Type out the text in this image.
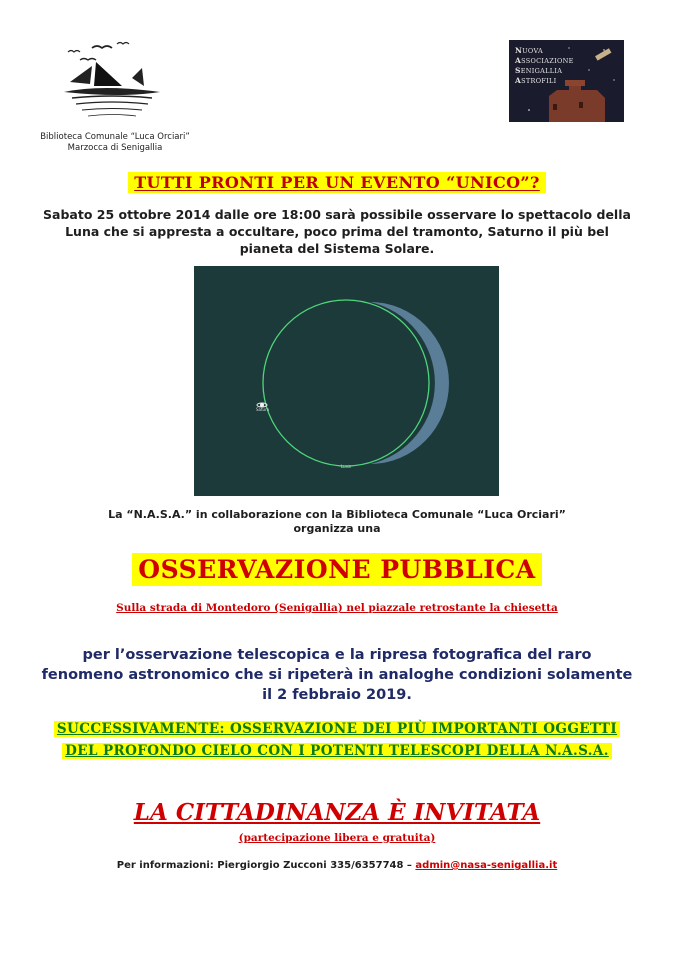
Biblioteca Comunale “Luca Orciari”
Marzocca di Senigallia
NUOVA
ASSOCIAZIONE
SENIGALLIA
ASTROFILI
TUTTI PRONTI PER UN EVENTO “UNICO”?
Sabato 25 ottobre 2014 dalle ore 18:00 sarà possibile osservare lo spettacolo della Luna che si appresta a occultare, poco prima del tramonto, Saturno il più bel pianeta del Sistema Solare.
Saturn
Luna
La “N.A.S.A.” in collaborazione con la Biblioteca Comunale “Luca Orciari”
organizza una
OSSERVAZIONE PUBBLICA
Sulla strada di Montedoro (Senigallia) nel piazzale retrostante la chiesetta
per l’osservazione telescopica e la ripresa fotografica del raro fenomeno astronomico che si ripeterà in analoghe condizioni solamente il 2 febbraio 2019.
SUCCESSIVAMENTE: OSSERVAZIONE DEI PIÙ IMPORTANTI OGGETTI DEL PROFONDO CIELO CON I POTENTI TELESCOPI DELLA N.A.S.A.
LA CITTADINANZA È INVITATA
(partecipazione libera e gratuita)
Per informazioni: Piergiorgio Zucconi 335/6357748 – admin@nasa-senigallia.it
